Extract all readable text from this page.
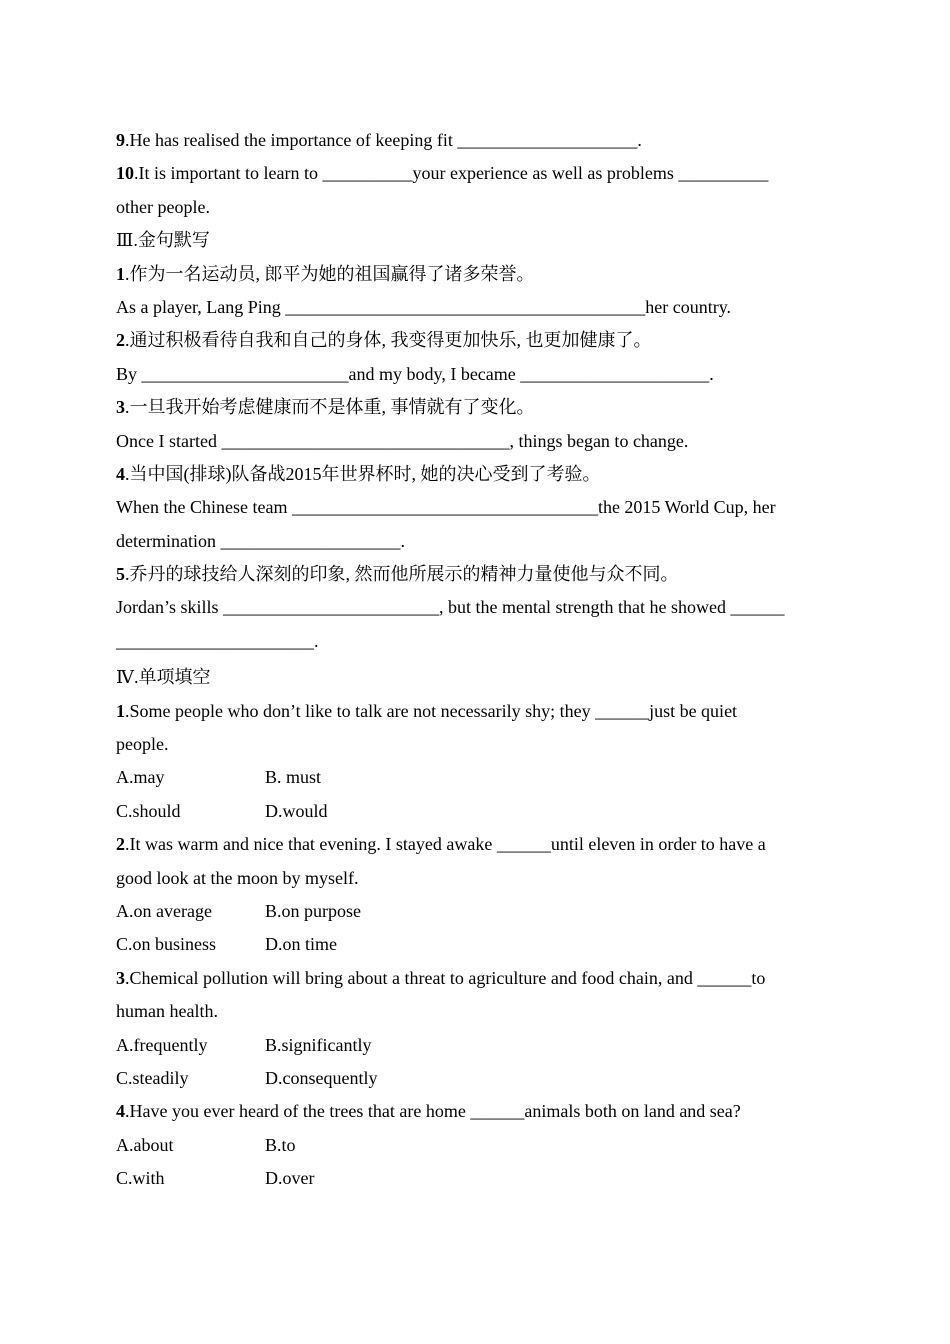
9.He has realised the importance of keeping fit ____________________.
10.It is important to learn to __________your experience as well as problems __________
other people.
Ⅲ.金句默写
1.作为一名运动员, 郎平为她的祖国赢得了诸多荣誉。
As a player, Lang Ping ________________________________________her country.
2.通过积极看待自我和自己的身体, 我变得更加快乐, 也更加健康了。
By _______________________and my body, I became _____________________.
3.一旦我开始考虑健康而不是体重, 事情就有了变化。
Once I started ________________________________, things began to change.
4.当中国(排球)队备战2015年世界杯时, 她的决心受到了考验。
When the Chinese team __________________________________the 2015 World Cup, her
determination ____________________.
5.乔丹的球技给人深刻的印象, 然而他所展示的精神力量使他与众不同。
Jordan’s skills ________________________, but the mental strength that he showed ______
______________________.
Ⅳ.单项填空
1.Some people who don’t like to talk are not necessarily shy; they ______just be quiet
people.
A.may	B. must
C.should	D.would
2.It was warm and nice that evening. I stayed awake ______until eleven in order to have a
good look at the moon by myself.
A.on average	B.on purpose
C.on business	D.on time
3.Chemical pollution will bring about a threat to agriculture and food chain, and ______to
human health.
A.frequently	B.significantly
C.steadily	D.consequently
4.Have you ever heard of the trees that are home ______animals both on land and sea?
A.about	B.to
C.with	D.over
